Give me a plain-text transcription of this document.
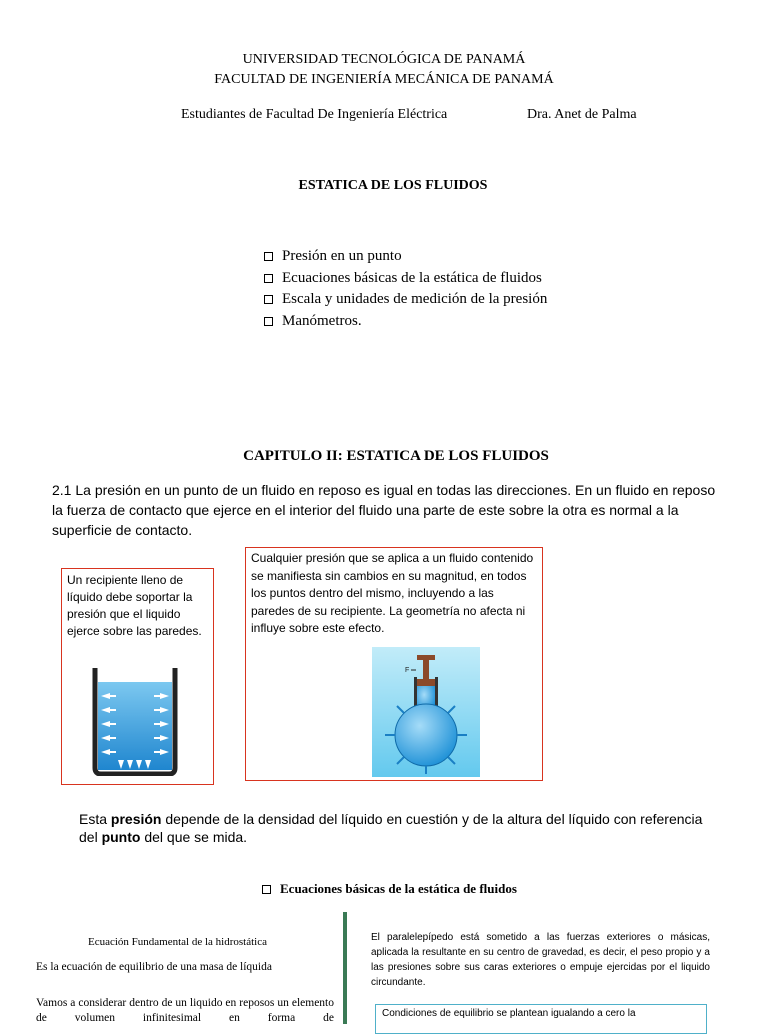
UNIVERSIDAD TECNOLÓGICA DE PANAMÁ
FACULTAD DE INGENIERÍA MECÁNICA DE PANAMÁ
Estudiantes de Facultad De Ingeniería Eléctrica	Dra. Anet de Palma
ESTATICA DE LOS FLUIDOS
Presión en un punto
Ecuaciones básicas de la estática de fluidos
Escala y unidades de medición de la presión
Manómetros.
CAPITULO II: ESTATICA DE LOS FLUIDOS
2.1 La presión en un punto de un fluido en reposo es igual en todas las direcciones. En un fluido en reposo la fuerza de contacto que ejerce en el interior del fluido una parte de este sobre la otra es normal a la superficie de contacto.
Un recipiente lleno de líquido debe soportar la presión que el liquido ejerce sobre las paredes.
Cualquier presión que se aplica a un fluido contenido se manifiesta sin cambios en su magnitud, en todos los puntos dentro del mismo, incluyendo a las paredes de su recipiente. La geometría no afecta ni influye sobre este efecto.
F
Esta presión depende de la densidad del líquido en cuestión y de la altura del líquido con referencia del punto del que se mida.
Ecuaciones básicas de la estática de fluidos
Ecuación Fundamental de la hidrostática
Es la ecuación de equilibrio de una masa de líquida
Vamos a considerar dentro de un liquido en reposos un elemento de volumen infinitesimal en forma de
El paralelepípedo está sometido a las fuerzas exteriores o másicas, aplicada la resultante en su centro de gravedad, es decir, el peso propio y a las presiones sobre sus caras exteriores o empuje ejercidas por el liquido circundante.
Condiciones de equilibrio se plantean igualando a cero la
